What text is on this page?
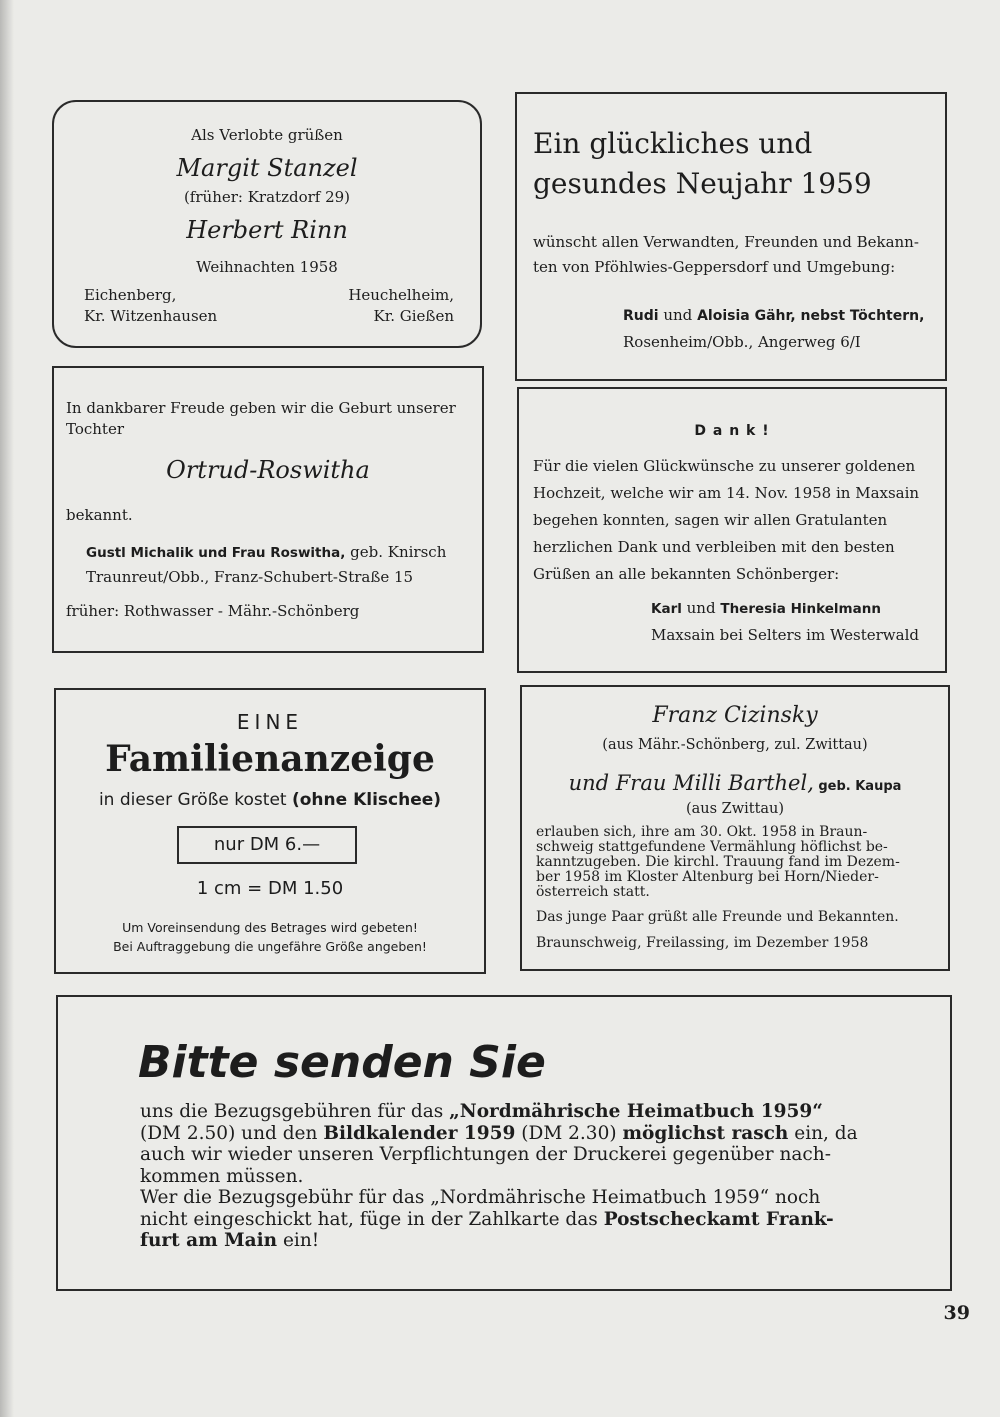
Als Verlobte grüßen
Margit Stanzel
(früher: Kratzdorf 29)
Herbert Rinn
Weihnachten 1958
Eichenberg,
Kr. Witzenhausen
Heuchelheim,
Kr. Gießen
Ein glückliches und
gesundes Neujahr 1959
wünscht allen Verwandten, Freunden und Bekann-
ten von Pföhlwies-Geppersdorf und Umgebung:
Rudi und Aloisia Gähr, nebst Töchtern,
Rosenheim/Obb., Angerweg 6/I
In dankbarer Freude geben wir die Geburt unserer
Tochter
Ortrud-Roswitha
bekannt.
Gustl Michalik und Frau Roswitha, geb. Knirsch
Traunreut/Obb., Franz-Schubert-Straße 15
früher: Rothwasser - Mähr.-Schönberg
D a n k !
Für die vielen Glückwünsche zu unserer goldenen
Hochzeit, welche wir am 14. Nov. 1958 in Maxsain
begehen konnten, sagen wir allen Gratulanten
herzlichen Dank und verbleiben mit den besten
Grüßen an alle bekannten Schönberger:
Karl und Theresia Hinkelmann
Maxsain bei Selters im Westerwald
EINE
Familienanzeige
in dieser Größe kostet (ohne Klischee)
nur DM 6.—
1 cm = DM 1.50
Um Voreinsendung des Betrages wird gebeten!
Bei Auftraggebung die ungefähre Größe angeben!
Franz Cizinsky
(aus Mähr.-Schönberg, zul. Zwittau)
und Frau Milli Barthel, geb. Kaupa
(aus Zwittau)
erlauben sich, ihre am 30. Okt. 1958 in Braun-
schweig stattgefundene Vermählung höflichst be-
kanntzugeben. Die kirchl. Trauung fand im Dezem-
ber 1958 im Kloster Altenburg bei Horn/Nieder-
österreich statt.
Das junge Paar grüßt alle Freunde und Bekannten.
Braunschweig, Freilassing, im Dezember 1958
Bitte senden Sie
uns die Bezugsgebühren für das „Nordmährische Heimatbuch 1959“
(DM 2.50) und den Bildkalender 1959 (DM 2.30) möglichst rasch ein, da
auch wir wieder unseren Verpflichtungen der Druckerei gegenüber nach-
kommen müssen.
Wer die Bezugsgebühr für das „Nordmährische Heimatbuch 1959“ noch
nicht eingeschickt hat, füge in der Zahlkarte das Postscheckamt Frank-
furt am Main ein!
39
